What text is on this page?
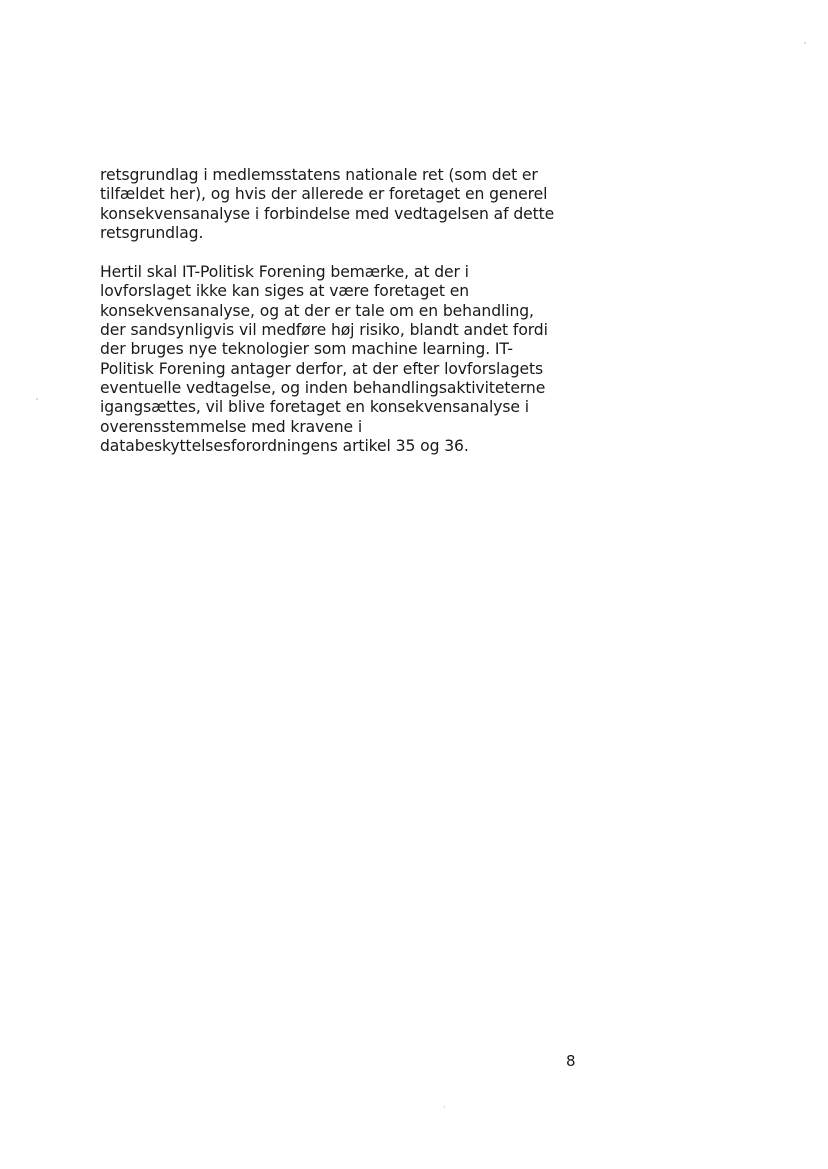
retsgrundlag i medlemsstatens nationale ret (som det er
tilfældet her), og hvis der allerede er foretaget en generel
konsekvensanalyse i forbindelse med vedtagelsen af dette
retsgrundlag.

Hertil skal IT-Politisk Forening bemærke, at der i
lovforslaget ikke kan siges at være foretaget en
konsekvensanalyse, og at der er tale om en behandling,
der sandsynligvis vil medføre høj risiko, blandt andet fordi
der bruges nye teknologier som machine learning. IT-
Politisk Forening antager derfor, at der efter lovforslagets
eventuelle vedtagelse, og inden behandlingsaktiviteterne
igangsættes, vil blive foretaget en konsekvensanalyse i
overensstemmelse med kravene i
databeskyttelsesforordningens artikel 35 og 36.

8
